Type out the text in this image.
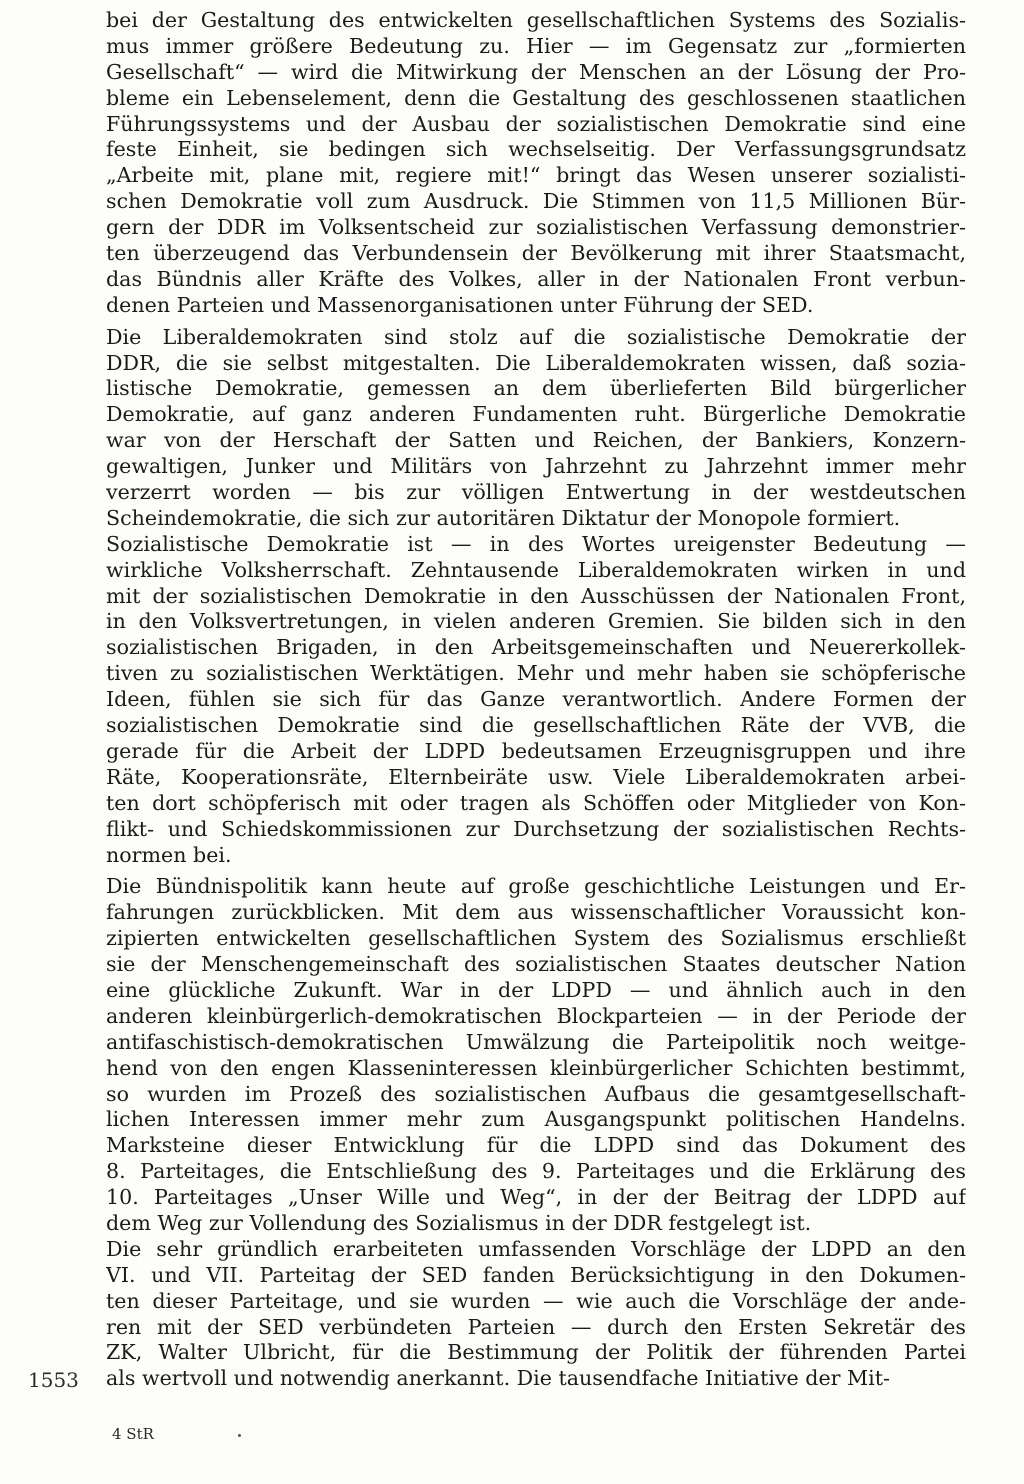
bei der Gestaltung des entwickelten gesellschaftlichen Systems des Sozialis-
mus immer größere Bedeutung zu. Hier — im Gegensatz zur „formierten
Gesellschaft“ — wird die Mitwirkung der Menschen an der Lösung der Pro-
bleme ein Lebenselement, denn die Gestaltung des geschlossenen staatlichen
Führungssystems und der Ausbau der sozialistischen Demokratie sind eine
feste Einheit, sie bedingen sich wechselseitig. Der Verfassungsgrundsatz
„Arbeite mit, plane mit, regiere mit!“ bringt das Wesen unserer sozialisti-
schen Demokratie voll zum Ausdruck. Die Stimmen von 11,5 Millionen Bür-
gern der DDR im Volksentscheid zur sozialistischen Verfassung demonstrier-
ten überzeugend das Verbundensein der Bevölkerung mit ihrer Staatsmacht,
das Bündnis aller Kräfte des Volkes, aller in der Nationalen Front verbun-
denen Parteien und Massenorganisationen unter Führung der SED.
Die Liberaldemokraten sind stolz auf die sozialistische Demokratie der
DDR, die sie selbst mitgestalten. Die Liberaldemokraten wissen, daß sozia-
listische Demokratie, gemessen an dem überlieferten Bild bürgerlicher
Demokratie, auf ganz anderen Fundamenten ruht. Bürgerliche Demokratie
war von der Herschaft der Satten und Reichen, der Bankiers, Konzern-
gewaltigen, Junker und Militärs von Jahrzehnt zu Jahrzehnt immer mehr
verzerrt worden — bis zur völligen Entwertung in der westdeutschen
Scheindemokratie, die sich zur autoritären Diktatur der Monopole formiert.
Sozialistische Demokratie ist — in des Wortes ureigenster Bedeutung —
wirkliche Volksherrschaft. Zehntausende Liberaldemokraten wirken in und
mit der sozialistischen Demokratie in den Ausschüssen der Nationalen Front,
in den Volksvertretungen, in vielen anderen Gremien. Sie bilden sich in den
sozialistischen Brigaden, in den Arbeitsgemeinschaften und Neuererkollek-
tiven zu sozialistischen Werktätigen. Mehr und mehr haben sie schöpferische
Ideen, fühlen sie sich für das Ganze verantwortlich. Andere Formen der
sozialistischen Demokratie sind die gesellschaftlichen Räte der VVB, die
gerade für die Arbeit der LDPD bedeutsamen Erzeugnisgruppen und ihre
Räte, Kooperationsräte, Elternbeiräte usw. Viele Liberaldemokraten arbei-
ten dort schöpferisch mit oder tragen als Schöffen oder Mitglieder von Kon-
flikt- und Schiedskommissionen zur Durchsetzung der sozialistischen Rechts-
normen bei.
Die Bündnispolitik kann heute auf große geschichtliche Leistungen und Er-
fahrungen zurückblicken. Mit dem aus wissenschaftlicher Voraussicht kon-
zipierten entwickelten gesellschaftlichen System des Sozialismus erschließt
sie der Menschengemeinschaft des sozialistischen Staates deutscher Nation
eine glückliche Zukunft. War in der LDPD — und ähnlich auch in den
anderen kleinbürgerlich-demokratischen Blockparteien — in der Periode der
antifaschistisch-demokratischen Umwälzung die Parteipolitik noch weitge-
hend von den engen Klasseninteressen kleinbürgerlicher Schichten bestimmt,
so wurden im Prozeß des sozialistischen Aufbaus die gesamtgesellschaft-
lichen Interessen immer mehr zum Ausgangspunkt politischen Handelns.
Marksteine dieser Entwicklung für die LDPD sind das Dokument des
8. Parteitages, die Entschließung des 9. Parteitages und die Erklärung des
10. Parteitages „Unser Wille und Weg“, in der der Beitrag der LDPD auf
dem Weg zur Vollendung des Sozialismus in der DDR festgelegt ist.
Die sehr gründlich erarbeiteten umfassenden Vorschläge der LDPD an den
VI. und VII. Parteitag der SED fanden Berücksichtigung in den Dokumen-
ten dieser Parteitage, und sie wurden — wie auch die Vorschläge der ande-
ren mit der SED verbündeten Parteien — durch den Ersten Sekretär des
ZK, Walter Ulbricht, für die Bestimmung der Politik der führenden Partei
als wertvoll und notwendig anerkannt. Die tausendfache Initiative der Mit-
1553
4 StR
